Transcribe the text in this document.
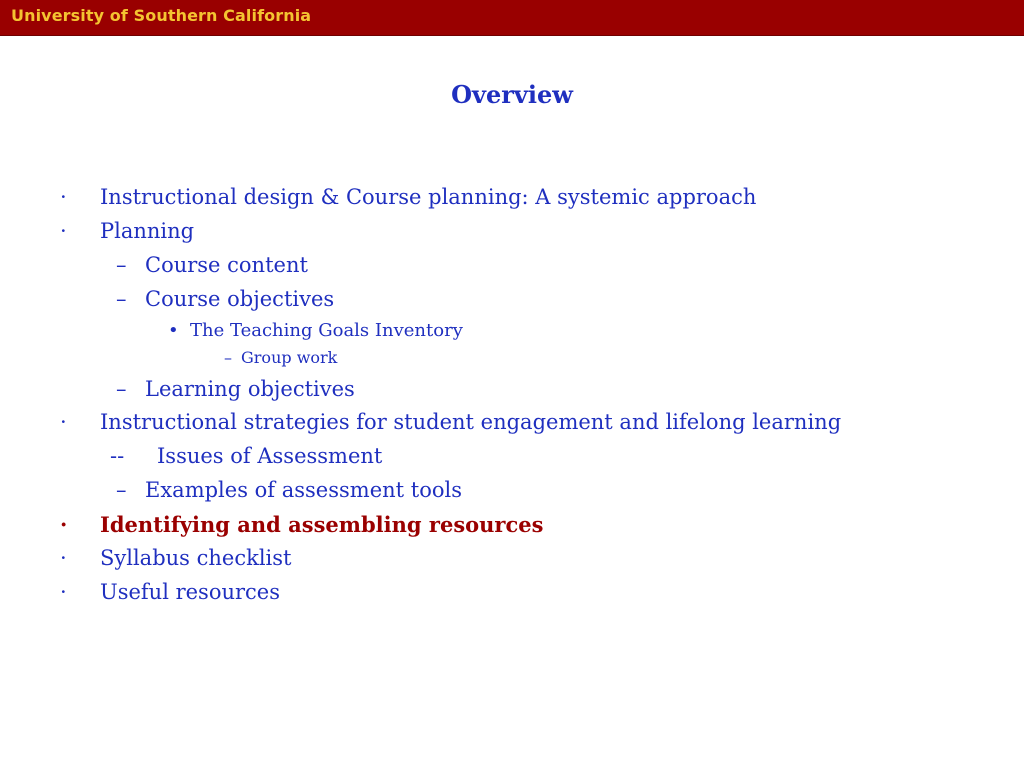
University of Southern California
Overview
· Instructional design & Course planning: A systemic approach
· Planning
– Course content
– Course objectives
• The Teaching Goals Inventory
– Group work
– Learning objectives
· Instructional strategies for student engagement and lifelong learning
-- Issues of Assessment
– Examples of assessment tools
· Identifying and assembling resources
· Syllabus checklist
· Useful resources
